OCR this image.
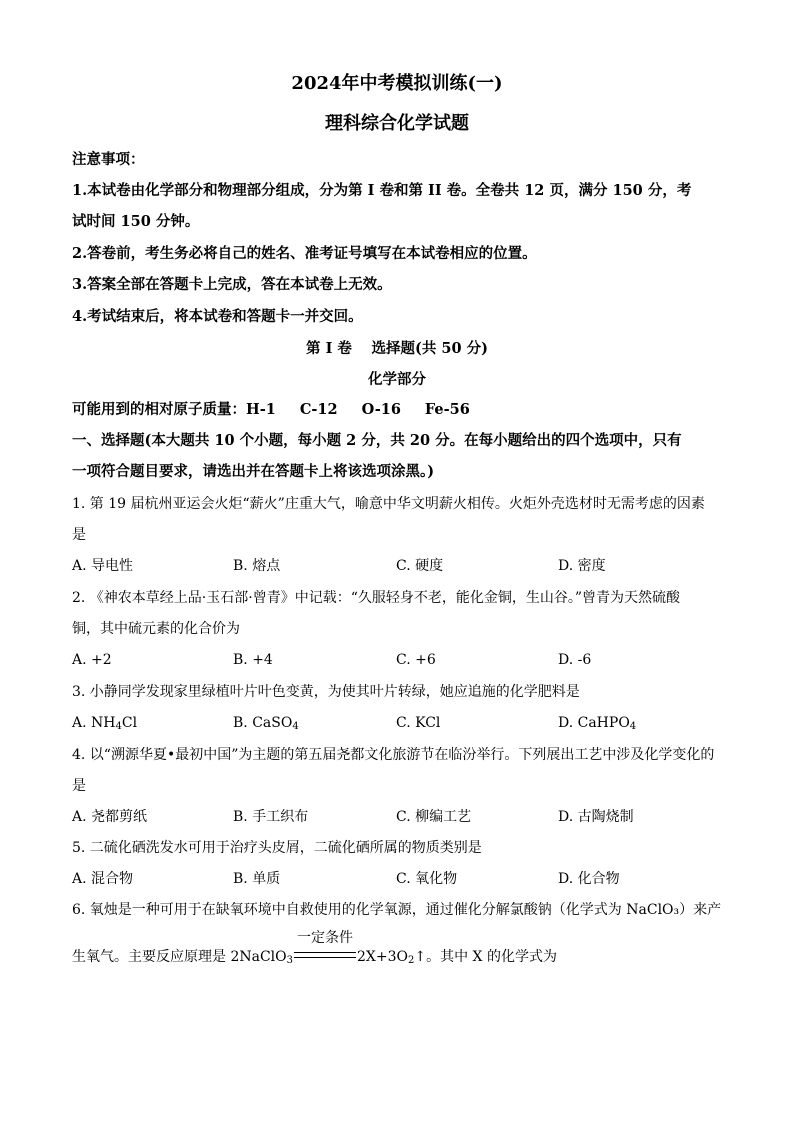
2024年中考模拟训练(一)
理科综合化学试题
注意事项：
1.本试卷由化学部分和物理部分组成，分为第 I 卷和第 II 卷。全卷共 12 页，满分 150 分，考
试时间 150 分钟。
2.答卷前，考生务必将自己的姓名、准考证号填写在本试卷相应的位置。
3.答案全部在答题卡上完成，答在本试卷上无效。
4.考试结束后，将本试卷和答题卡一并交回。
第 I 卷　 选择题(共 50 分)
化学部分
可能用到的相对原子质量：H-1 C-12 O-16 Fe-56
一、选择题(本大题共 10 个小题，每小题 2 分，共 20 分。在每小题给出的四个选项中，只有
一项符合题目要求，请选出并在答题卡上将该选项涂黑。)
1. 第 19 届杭州亚运会火炬“薪火”庄重大气，喻意中华文明薪火相传。火炬外壳选材时无需考虑的因素
是
A. 导电性	B. 熔点	C. 硬度	D. 密度
2. 《神农本草经上品·玉石部·曾青》中记载：“久服轻身不老，能化金铜，生山谷。”曾青为天然硫酸
铜，其中硫元素的化合价为
A. +2	B. +4	C. +6	D. -6
3. 小静同学发现家里绿植叶片叶色变黄，为使其叶片转绿，她应追施的化学肥料是
A. $NH_4Cl$	B. CaSO$_4$	C. KCl	D. CaHPO$_4$
4. 以“溯源华夏•最初中国”为主题的第五届尧都文化旅游节在临汾举行。下列展出工艺中涉及化学变化的
是
A. 尧都剪纸	B. 手工织布	C. 柳编工艺	D. 古陶烧制
5. 二硫化硒洗发水可用于治疗头皮屑，二硫化硒所属的物质类别是
A. 混合物	B. 单质	C. 氧化物	D. 化合物
6. 氧烛是一种可用于在缺氧环境中自救使用的化学氧源，通过催化分解氯酸钠（化学式为 NaClO₃）来产
生氧气。主要反应原理是 2NaClO$_3$
一定条件
$2X+3O_2↑$。其中 X 的化学式为
